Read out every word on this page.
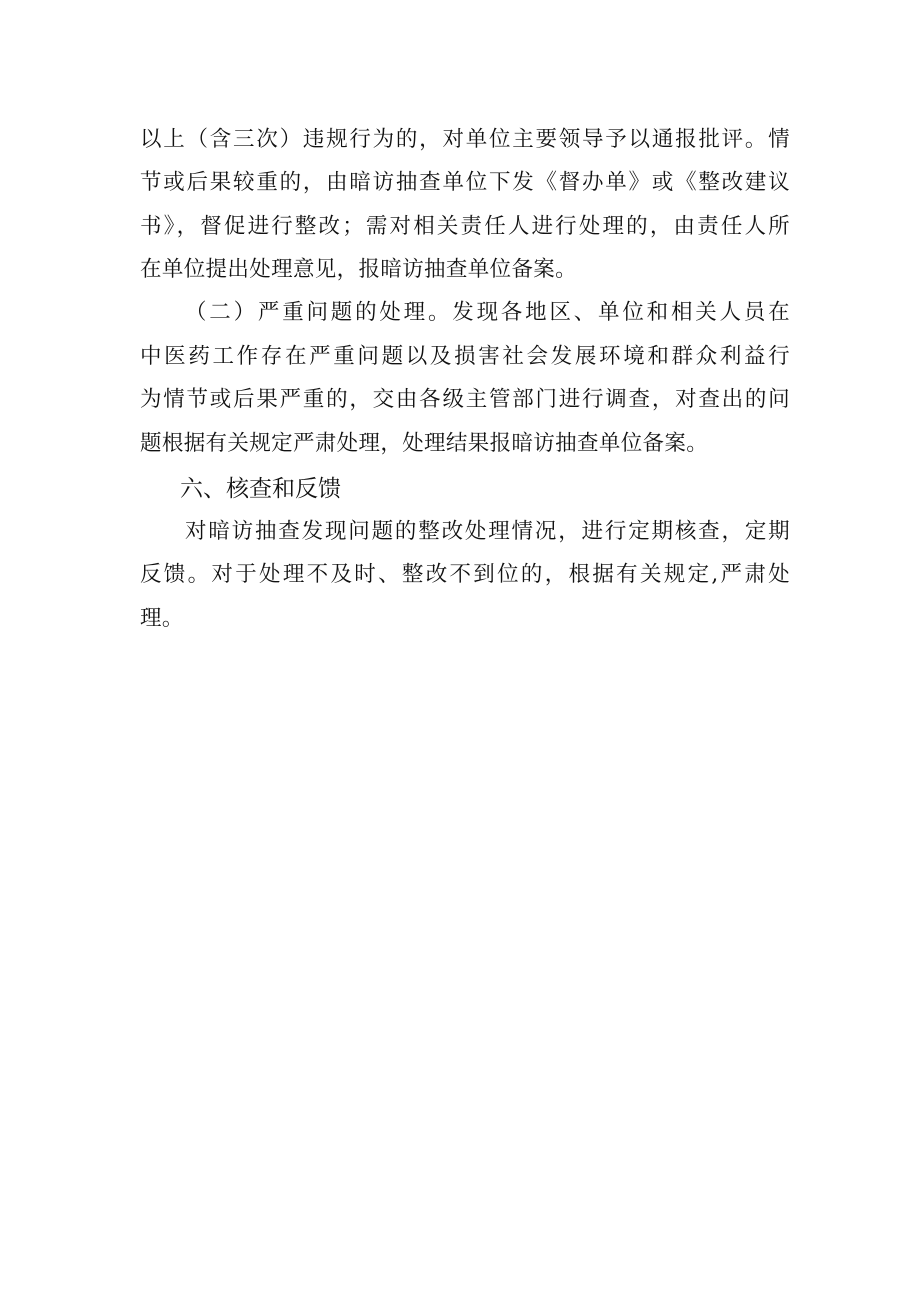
以上（含三次）违规行为的，对单位主要领导予以通报批评。情
节或后果较重的，由暗访抽查单位下发《督办单》或《整改建议
书》，督促进行整改；需对相关责任人进行处理的，由责任人所
在单位提出处理意见，报暗访抽查单位备案。
（二）严重问题的处理。发现各地区、单位和相关人员在
中医药工作存在严重问题以及损害社会发展环境和群众利益行
为情节或后果严重的，交由各级主管部门进行调查，对查出的问
题根据有关规定严肃处理，处理结果报暗访抽查单位备案。
六、核查和反馈
对暗访抽查发现问题的整改处理情况，进行定期核查，定期
反馈。对于处理不及时、整改不到位的，根据有关规定,严肃处
理。
